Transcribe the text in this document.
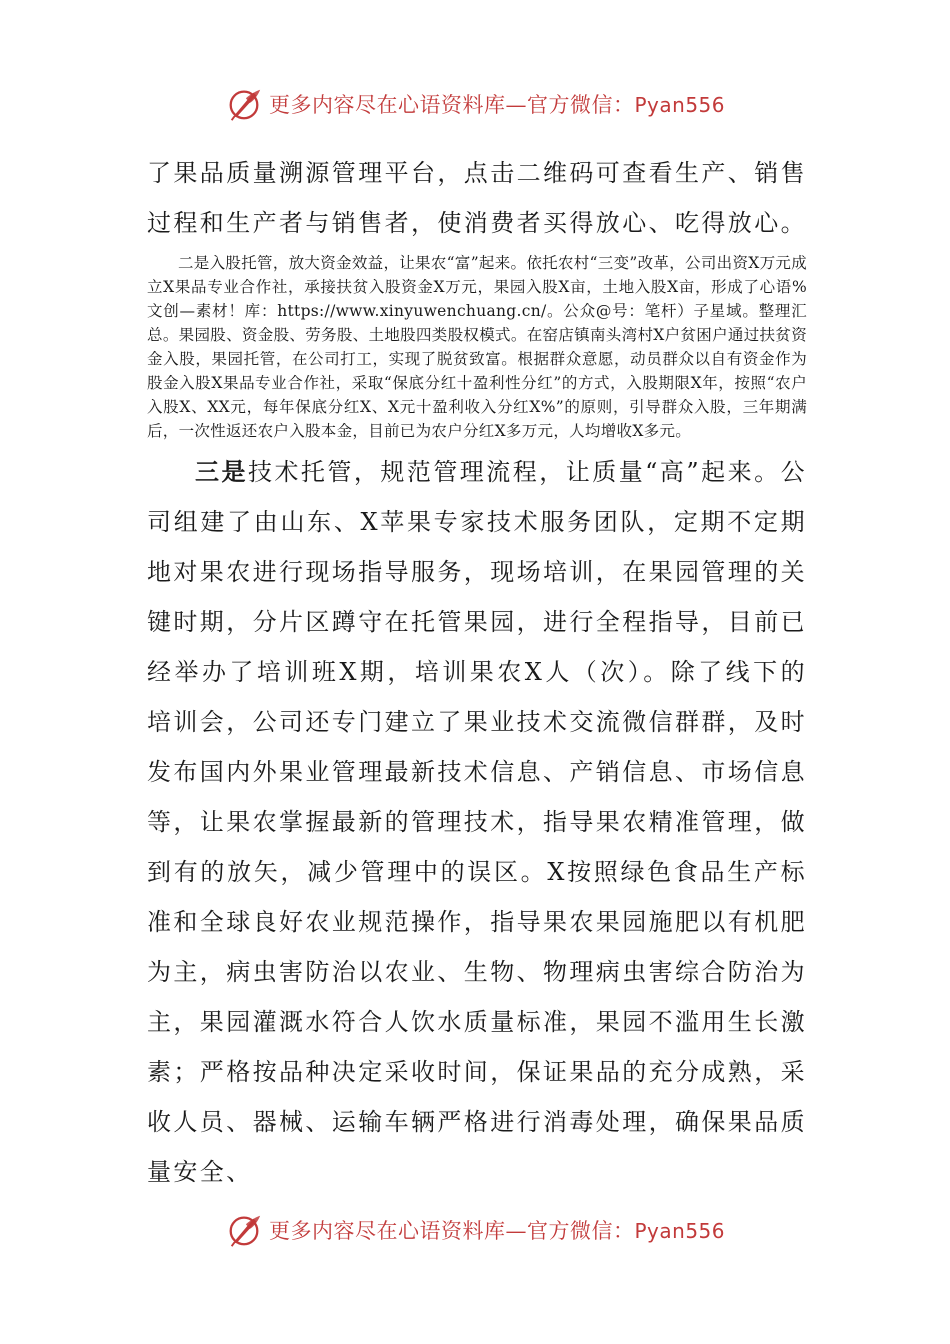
更多内容尽在心语资料库—官方微信：Pyan556

了果品质量溯源管理平台，点击二维码可查看生产、销售过程和生产者与销售者，使消费者买得放心、吃得放心。

二是入股托管，放大资金效益，让果农“富”起来。依托农村“三变”改革，公司出资X万元成立X果品专业合作社，承接扶贫入股资金X万元，果园入股X亩，土地入股X亩，形成了心语%文创—素材！库：https://www.xinyuwenchuang.cn/。公众@号：笔杆）子星域。整理汇总。果园股、资金股、劳务股、土地股四类股权模式。在窑店镇南头湾村X户贫困户通过扶贫资金入股，果园托管，在公司打工，实现了脱贫致富。根据群众意愿，动员群众以自有资金作为股金入股X果品专业合作社，采取“保底分红十盈利性分红”的方式，入股期限X年，按照“农户入股X、XX元，每年保底分红X、X元十盈利收入分红X%”的原则，引导群众入股，三年期满后，一次性返还农户入股本金，目前已为农户分红X多万元，人均增收X多元。

三是技术托管，规范管理流程，让质量“高”起来。公司组建了由山东、X苹果专家技术服务团队，定期不定期地对果农进行现场指导服务，现场培训，在果园管理的关键时期，分片区蹲守在托管果园，进行全程指导，目前已经举办了培训班X期，培训果农X人（次）。除了线下的培训会，公司还专门建立了果业技术交流微信群群，及时发布国内外果业管理最新技术信息、产销信息、市场信息等，让果农掌握最新的管理技术，指导果农精准管理，做到有的放矢，减少管理中的误区。X按照绿色食品生产标准和全球良好农业规范操作，指导果农果园施肥以有机肥为主，病虫害防治以农业、生物、物理病虫害综合防治为主，果园灌溉水符合人饮水质量标准，果园不滥用生长激素；严格按品种决定采收时间，保证果品的充分成熟，采收人员、器械、运输车辆严格进行消毒处理，确保果品质量安全、

更多内容尽在心语资料库—官方微信：Pyan556
